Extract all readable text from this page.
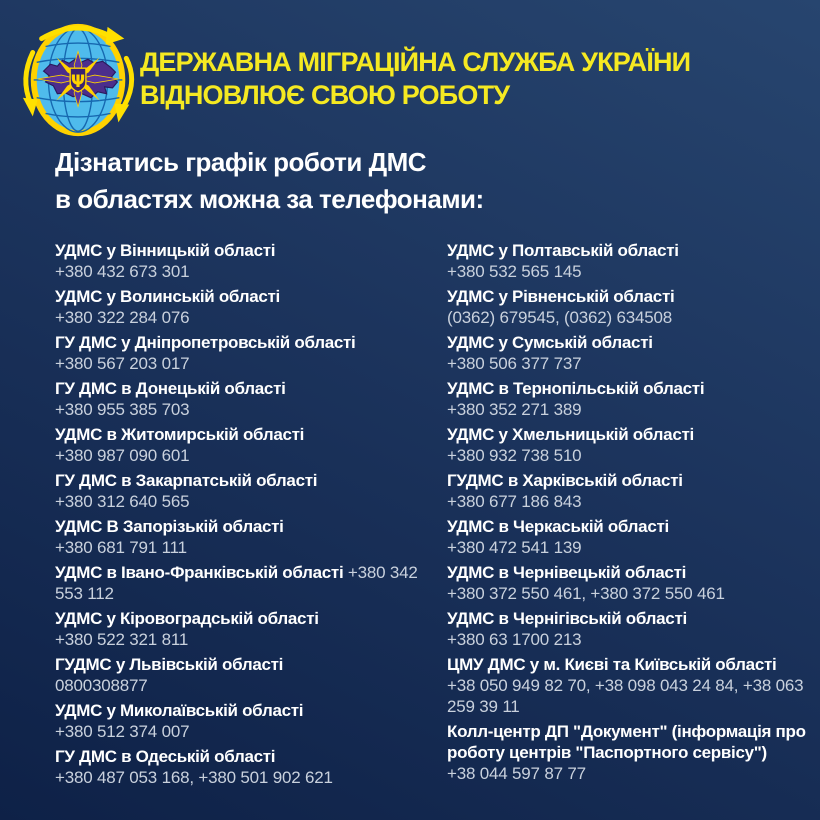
Ψ
ДЕРЖАВНА МІГРАЦІЙНА СЛУЖБА УКРАЇНИ
ВІДНОВЛЮЄ СВОЮ РОБОТУ
Дізнатись графік роботи ДМС
в областях можна за телефонами:
УДМС у Вінницькій області
+380 432 673 301
УДМС у Волинській області
+380 322 284 076
ГУ ДМС у Дніпропетровській області
+380 567 203 017
ГУ ДМС в Донецькій області
+380 955 385 703
УДМС в Житомирській області
+380 987 090 601
ГУ ДМС в Закарпатській області
+380 312 640 565
УДМС В Запорізькій області
+380 681 791 111
УДМС в Івано-Франківській області +380 342 553 112
УДМС у Кіровоградській області
+380 522 321 811
ГУДМС у Львівській області
0800308877
УДМС у Миколаївській області
+380 512 374 007
ГУ ДМС в Одеській області
+380 487 053 168, +380 501 902 621
УДМС у Полтавській області
+380 532 565 145
УДМС у Рівненській області
(0362) 679545, (0362) 634508
УДМС у Сумській області
+380 506 377 737
УДМС в Тернопільській області
+380 352 271 389
УДМС у Хмельницькій області
+380 932 738 510
ГУДМС в Харківській області
+380 677 186 843
УДМС в Черкаській області
+380 472 541 139
УДМС в Чернівецькій області
+380 372 550 461, +380 372 550 461
УДМС в Чернігівській області
+380 63 1700 213
ЦМУ ДМС у м. Києві та Київській області
+38 050 949 82 70, +38 098 043 24 84, +38 063 259 39 11
Колл-центр ДП "Документ" (інформація про роботу центрів "Паспортного сервісу")
+38 044 597 87 77
